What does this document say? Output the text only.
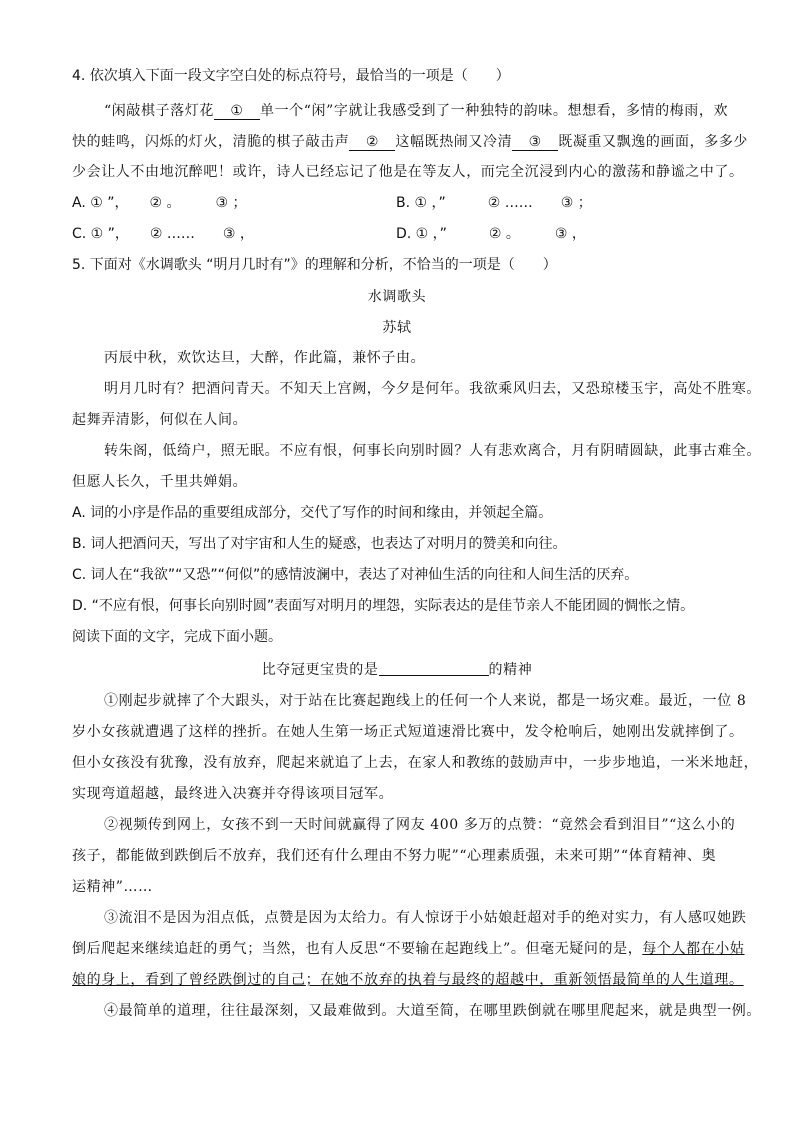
4. 依次填入下面一段文字空白处的标点符号，最恰当的一项是（　　）
“闲敲棋子落灯花 ① 单一个“闲”字就让我感受到了一种独特的韵味。想想看，多情的梅雨，欢
快的蛙鸣，闪烁的灯火，清脆的棋子敲击声 ② 这幅既热闹又冷清 ③ 既凝重又飘逸的画面，多多少
少会让人不由地沉醉吧！或许，诗人已经忘记了他是在等友人，而完全沉浸到内心的激荡和静谧之中了。
A. ① ”，　　② 。　　　③ ；	B. ① ，”　　　② ……　　③ ；
C. ① ”，　　② ……　　③ ，	D. ① ，”　　　② 。　　　③ ，
5. 下面对《水调歌头 “明月几时有”》的理解和分析，不恰当的一项是（　　）
水调歌头
苏轼
丙辰中秋，欢饮达旦，大醉，作此篇，兼怀子由。
明月几时有？把酒问青天。不知天上宫阙，今夕是何年。我欲乘风归去，又恐琼楼玉宇，高处不胜寒。
起舞弄清影，何似在人间。
转朱阁，低绮户，照无眠。不应有恨，何事长向别时圆？人有悲欢离合，月有阴晴圆缺，此事古难全。
但愿人长久，千里共婵娟。
A. 词的小序是作品的重要组成部分，交代了写作的时间和缘由，并领起全篇。
B. 词人把酒问天，写出了对宇宙和人生的疑惑，也表达了对明月的赞美和向往。
C. 词人在“我欲”“又恐”“何似”的感情波澜中，表达了对神仙生活的向往和人间生活的厌弃。
D. “不应有恨，何事长向别时圆”表面写对明月的埋怨，实际表达的是佳节亲人不能团圆的惆怅之情。
阅读下面的文字，完成下面小题。
比夺冠更宝贵的是	的精神
①刚起步就摔了个大跟头，对于站在比赛起跑线上的任何一个人来说，都是一场灾难。最近，一位 8
岁小女孩就遭遇了这样的挫折。在她人生第一场正式短道速滑比赛中，发令枪响后，她刚出发就摔倒了。
但小女孩没有犹豫，没有放弃，爬起来就追了上去，在家人和教练的鼓励声中，一步步地追，一米米地赶，
实现弯道超越，最终进入决赛并夺得该项目冠军。
②视频传到网上，女孩不到一天时间就赢得了网友 400 多万的点赞：“竟然会看到泪目”“这么小的
孩子，都能做到跌倒后不放弃，我们还有什么理由不努力呢”“心理素质强，未来可期”“体育精神、奥
运精神”……
③流泪不是因为泪点低，点赞是因为太给力。有人惊讶于小姑娘赶超对手的绝对实力，有人感叹她跌
倒后爬起来继续追赶的勇气；当然，也有人反思“不要输在起跑线上”。但毫无疑问的是，每个人都在小姑
娘的身上，看到了曾经跌倒过的自己；在她不放弃的执着与最终的超越中，重新领悟最简单的人生道理。
④最简单的道理，往往最深刻，又最难做到。大道至简，在哪里跌倒就在哪里爬起来，就是典型一例。
